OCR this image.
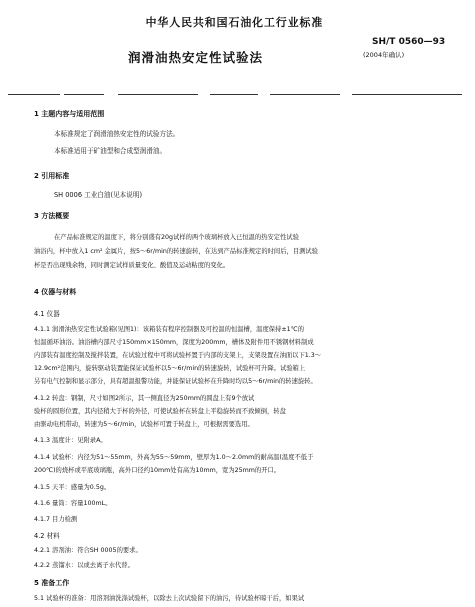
中华人民共和国石油化工行业标准
SH/T 0560—93
润滑油热安定性试验法	(2004年确认)
1 主题内容与适用范围
本标准规定了润滑油热安定性的试验方法。
本标准适用于矿油型和合成型润滑油。
2 引用标准
SH 0006 工业白油(见本说明)
3 方法概要
在产品标准规定的温度下，将分别盛有20g试样的两个玻璃杯放入已恒温的热安定性试验
油浴内，杯中放入1 cm² 金属片，按5～6r/min的转速旋转，在达到产品标准规定的时间后，目测试验
杯是否出现残余物，同时测定试样质量变化、酸值及运动粘度的变化。
4 仪器与材料
4.1 仪器
4.1.1 润滑油热安定性试验箱(见图1)：该箱装有程序控制器及可控温的恒温槽，温度保持±1℃的
恒温循环油浴。油浴槽内部尺寸150mm×150mm，深度为200mm，槽体及附件用不锈钢材料制成
内部装有温度控制及搅拌装置，在试验过程中可将试验杯置于内部的支架上，支架设置在油面以下1.3～
12.9cm²范围内，旋转驱动装置能保证试验杯以5～6r/min的转速旋转，试验杯可升降。试验箱上
另有电气控制和显示部分，具有超温报警功能，并能保证试验杯在升降时均以5～6r/min的转速旋转。
4.1.2 转盘：钢制，尺寸如图2所示，其一侧直径为250mm的圆盘上有9个放试
验杯的圆形位置，其内径稍大于杯的外径，可使试验杯在转盘上平稳旋转而不致倾倒，转盘
由驱动电机带动，转速为5～6r/min，试验杯可置于转盘上，可根据需要选用。
4.1.3 温度计：见附录A。
4.1.4 试验杯：内径为51～55mm，外高为55～59mm，壁厚为1.0～2.0mm的耐高温(温度不低于
200℃)的烧杯或平底玻璃瓶，高外口径约10mm处有高为10mm，宽为25mm的开口。
4.1.5 天平：感量为0.5g。
4.1.6 量筒：容量100mL。
4.1.7 目力检测
4.2 材料
4.2.1 溶剂油：符合SH 0005的要求。
4.2.2 蒸馏水：以或去离子水代替。
5 准备工作
5.1 试验杯的准备：用溶剂油洗涤试验杯，以除去上次试验留下的油污，待试验杯晾干后，如果试
